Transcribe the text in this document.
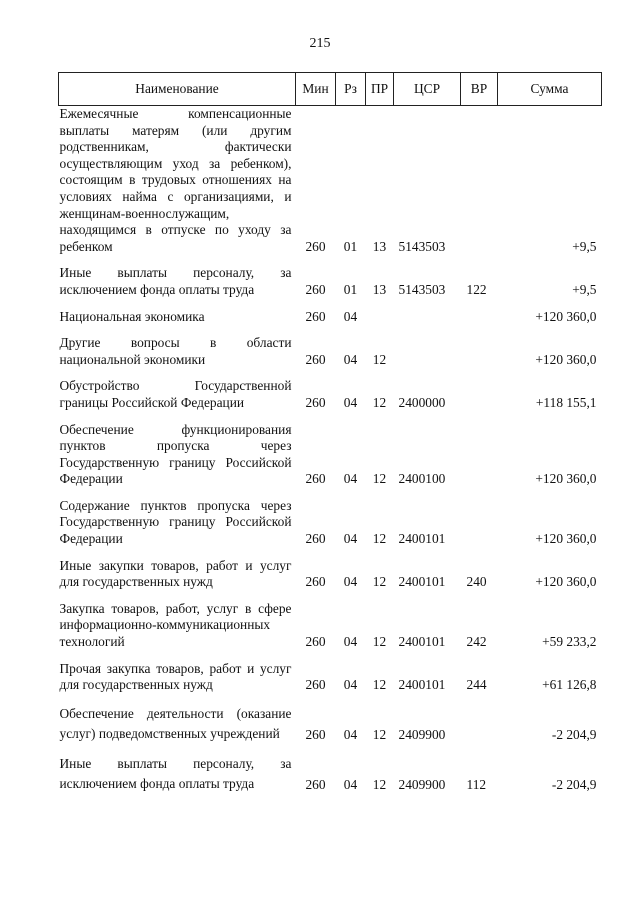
215
Наименование	Мин	Рз	ПР	ЦСР	ВР	Сумма
Ежемесячные компенсационные выплаты матерям (или другим родственникам, фактически осуществляющим уход за ребенком), состоящим в трудовых отношениях на условиях найма с организациями, и женщинам-военнослужащим, находящимся в отпуске по уходу за ребенком	260	01	13	5143503		+9,5
Иные выплаты персоналу, за исключением фонда оплаты труда	260	01	13	5143503	122	+9,5
Национальная экономика	260	04				+120 360,0
Другие вопросы в области национальной экономики	260	04	12			+120 360,0
Обустройство Государственной границы Российской Федерации	260	04	12	2400000		+118 155,1
Обеспечение функционирования пунктов пропуска через Государственную границу Российской Федерации	260	04	12	2400100		+120 360,0
Содержание пунктов пропуска через Государственную границу Российской Федерации	260	04	12	2400101		+120 360,0
Иные закупки товаров, работ и услуг для государственных нужд	260	04	12	2400101	240	+120 360,0
Закупка товаров, работ, услуг в сфере информационно-коммуникационных технологий	260	04	12	2400101	242	+59 233,2
Прочая закупка товаров, работ и услуг для государственных нужд	260	04	12	2400101	244	+61 126,8
Обеспечение деятельности (оказание услуг) подведомственных учреждений	260	04	12	2409900		-2 204,9
Иные выплаты персоналу, за исключением фонда оплаты труда	260	04	12	2409900	112	-2 204,9
